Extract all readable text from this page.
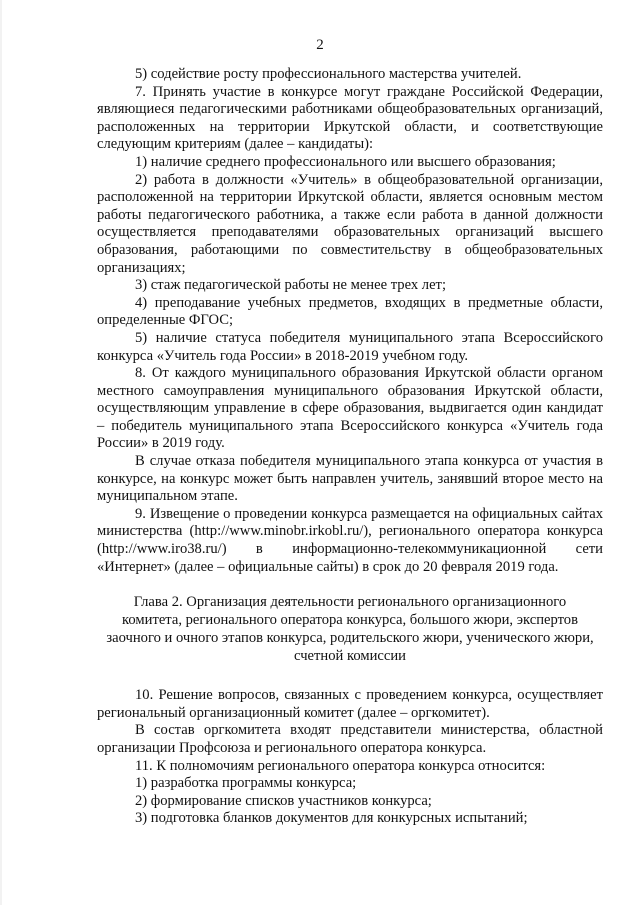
2

5) содействие росту профессионального мастерства учителей.

7. Принять участие в конкурсе могут граждане Российской Федерации, являющиеся педагогическими работниками общеобразовательных организаций, расположенных на территории Иркутской области, и соответствующие следующим критериям (далее – кандидаты):

1) наличие среднего профессионального или высшего образования;

2) работа в должности «Учитель» в общеобразовательной организации, расположенной на территории Иркутской области, является основным местом работы педагогического работника, а также если работа в данной должности осуществляется преподавателями образовательных организаций высшего образования, работающими по совместительству в общеобразовательных организациях;

3) стаж педагогической работы не менее трех лет;

4) преподавание учебных предметов, входящих в предметные области, определенные ФГОС;

5) наличие статуса победителя муниципального этапа Всероссийского конкурса «Учитель года России» в 2018-2019 учебном году.

8. От каждого муниципального образования Иркутской области органом местного самоуправления муниципального образования Иркутской области, осуществляющим управление в сфере образования, выдвигается один кандидат – победитель муниципального этапа Всероссийского конкурса «Учитель года России» в 2019 году.

В случае отказа победителя муниципального этапа конкурса от участия в конкурсе, на конкурс может быть направлен учитель, занявший второе место на муниципальном этапе.

9. Извещение о проведении конкурса размещается на официальных сайтах министерства (http://www.minobr.irkobl.ru/), регионального оператора конкурса (http://www.iro38.ru/) в информационно-телекоммуникационной сети «Интернет» (далее – официальные сайты) в срок до 20 февраля 2019 года.

Глава 2. Организация деятельности регионального организационного комитета, регионального оператора конкурса, большого жюри, экспертов заочного и очного этапов конкурса, родительского жюри, ученического жюри, счетной комиссии

10. Решение вопросов, связанных с проведением конкурса, осуществляет региональный организационный комитет (далее – оргкомитет).

В состав оргкомитета входят представители министерства, областной организации Профсоюза и регионального оператора конкурса.

11. К полномочиям регионального оператора конкурса относится:

1) разработка программы конкурса;

2) формирование списков участников конкурса;

3) подготовка бланков документов для конкурсных испытаний;
